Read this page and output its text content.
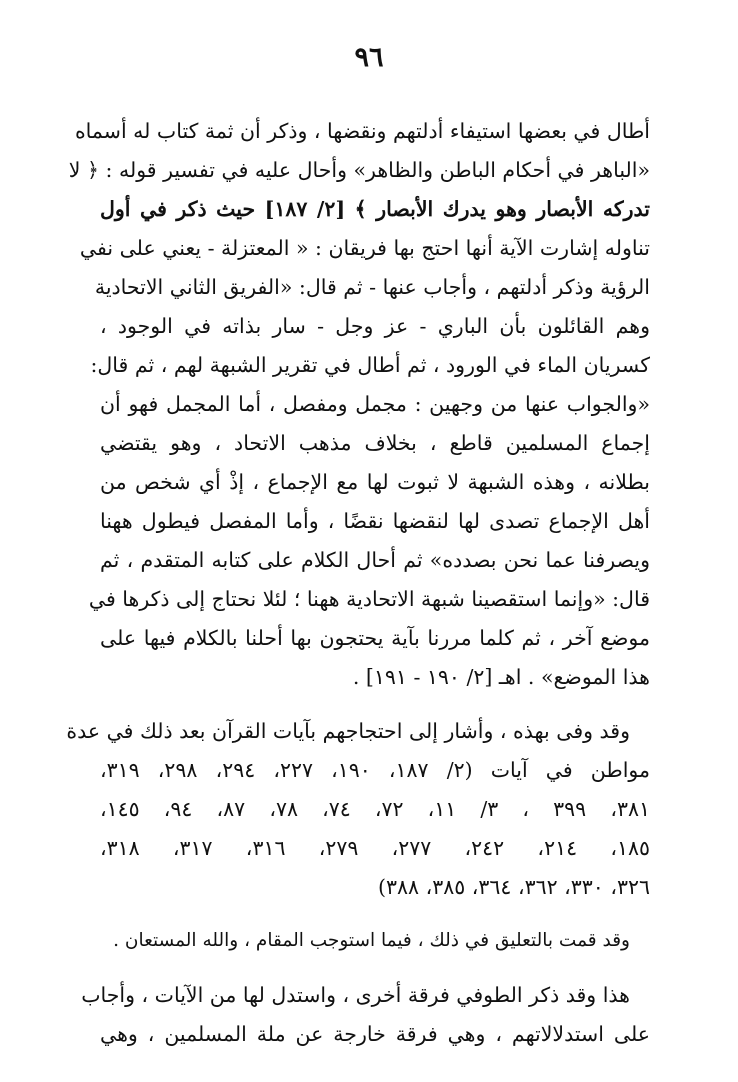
٩٦
أطال في بعضها استيفاء أدلتهم ونقضها ، وذكر أن ثمة كتاب له أسماه
«الباهر في أحكام الباطن والظاهر» وأحال عليه في تفسير قوله : ﴿ لا
تدركه الأبصار وهو يدرك الأبصار ﴾ [٢/ ١٨٧] حيث ذكر في أول
تناوله إشارت الآية أنها احتج بها فريقان : « المعتزلة - يعني على نفي
الرؤية وذكر أدلتهم ، وأجاب عنها - ثم قال: «الفريق الثاني الاتحادية
وهم القائلون بأن الباري - عز وجل - سار بذاته في الوجود ،
كسريان الماء في الورود ، ثم أطال في تقرير الشبهة لهم ، ثم قال:
«والجواب عنها من وجهين : مجمل ومفصل ، أما المجمل فهو أن
إجماع المسلمين قاطع ، بخلاف مذهب الاتحاد ، وهو يقتضي
بطلانه ، وهذه الشبهة لا ثبوت لها مع الإجماع ، إذْ أي شخص من
أهل الإجماع تصدى لها لنقضها نقضًا ، وأما المفصل فيطول ههنا
ويصرفنا عما نحن بصدده» ثم أحال الكلام على كتابه المتقدم ، ثم
قال: «وإنما استقصينا شبهة الاتحادية ههنا ؛ لئلا نحتاج إلى ذكرها في
موضع آخر ، ثم كلما مررنا بآية يحتجون بها أحلنا بالكلام فيها على
هذا الموضع» . اهـ [٢/ ١٩٠ - ١٩١] .
وقد وفى بهذه ، وأشار إلى احتجاجهم بآيات القرآن بعد ذلك في عدة
مواطن في آيات (٢/ ١٨٧، ١٩٠، ٢٢٧، ٢٩٤، ٢٩٨، ٣١٩،
٣٨١، ٣٩٩ ، ٣/ ١١، ٧٢، ٧٤، ٧٨، ٨٧، ٩٤، ١٤٥،
١٨٥، ٢١٤، ٢٤٢، ٢٧٧، ٢٧٩، ٣١٦، ٣١٧، ٣١٨،
٣٢٦، ٣٣٠، ٣٦٢، ٣٦٤، ٣٨٥، ٣٨٨)
وقد قمت بالتعليق في ذلك ، فيما استوجب المقام ، والله المستعان .
هذا وقد ذكر الطوفي فرقة أخرى ، واستدل لها من الآيات ، وأجاب
على استدلالاتهم ، وهي فرقة خارجة عن ملة المسلمين ، وهي
